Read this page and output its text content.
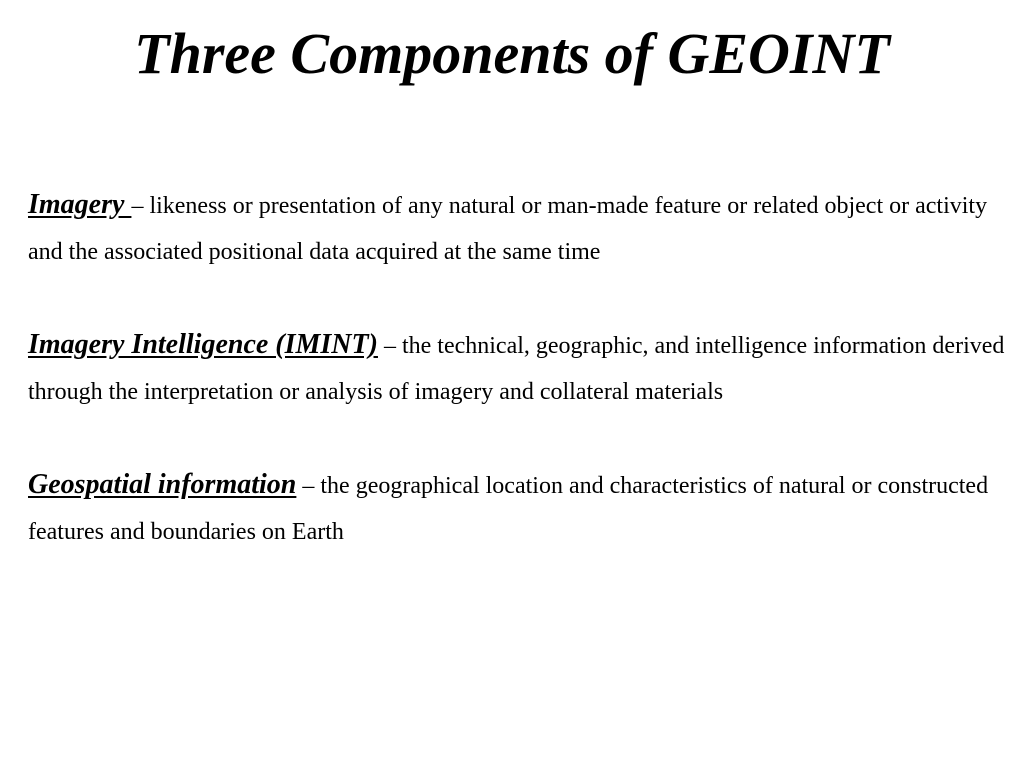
Three Components of GEOINT

Imagery – likeness or presentation of any natural or man-made feature or related object or activity and the associated positional data acquired at the same time

Imagery Intelligence (IMINT) – the technical, geographic, and intelligence information derived through the interpretation or analysis of imagery and collateral materials

Geospatial information – the geographical location and characteristics of natural or constructed features and boundaries on Earth
